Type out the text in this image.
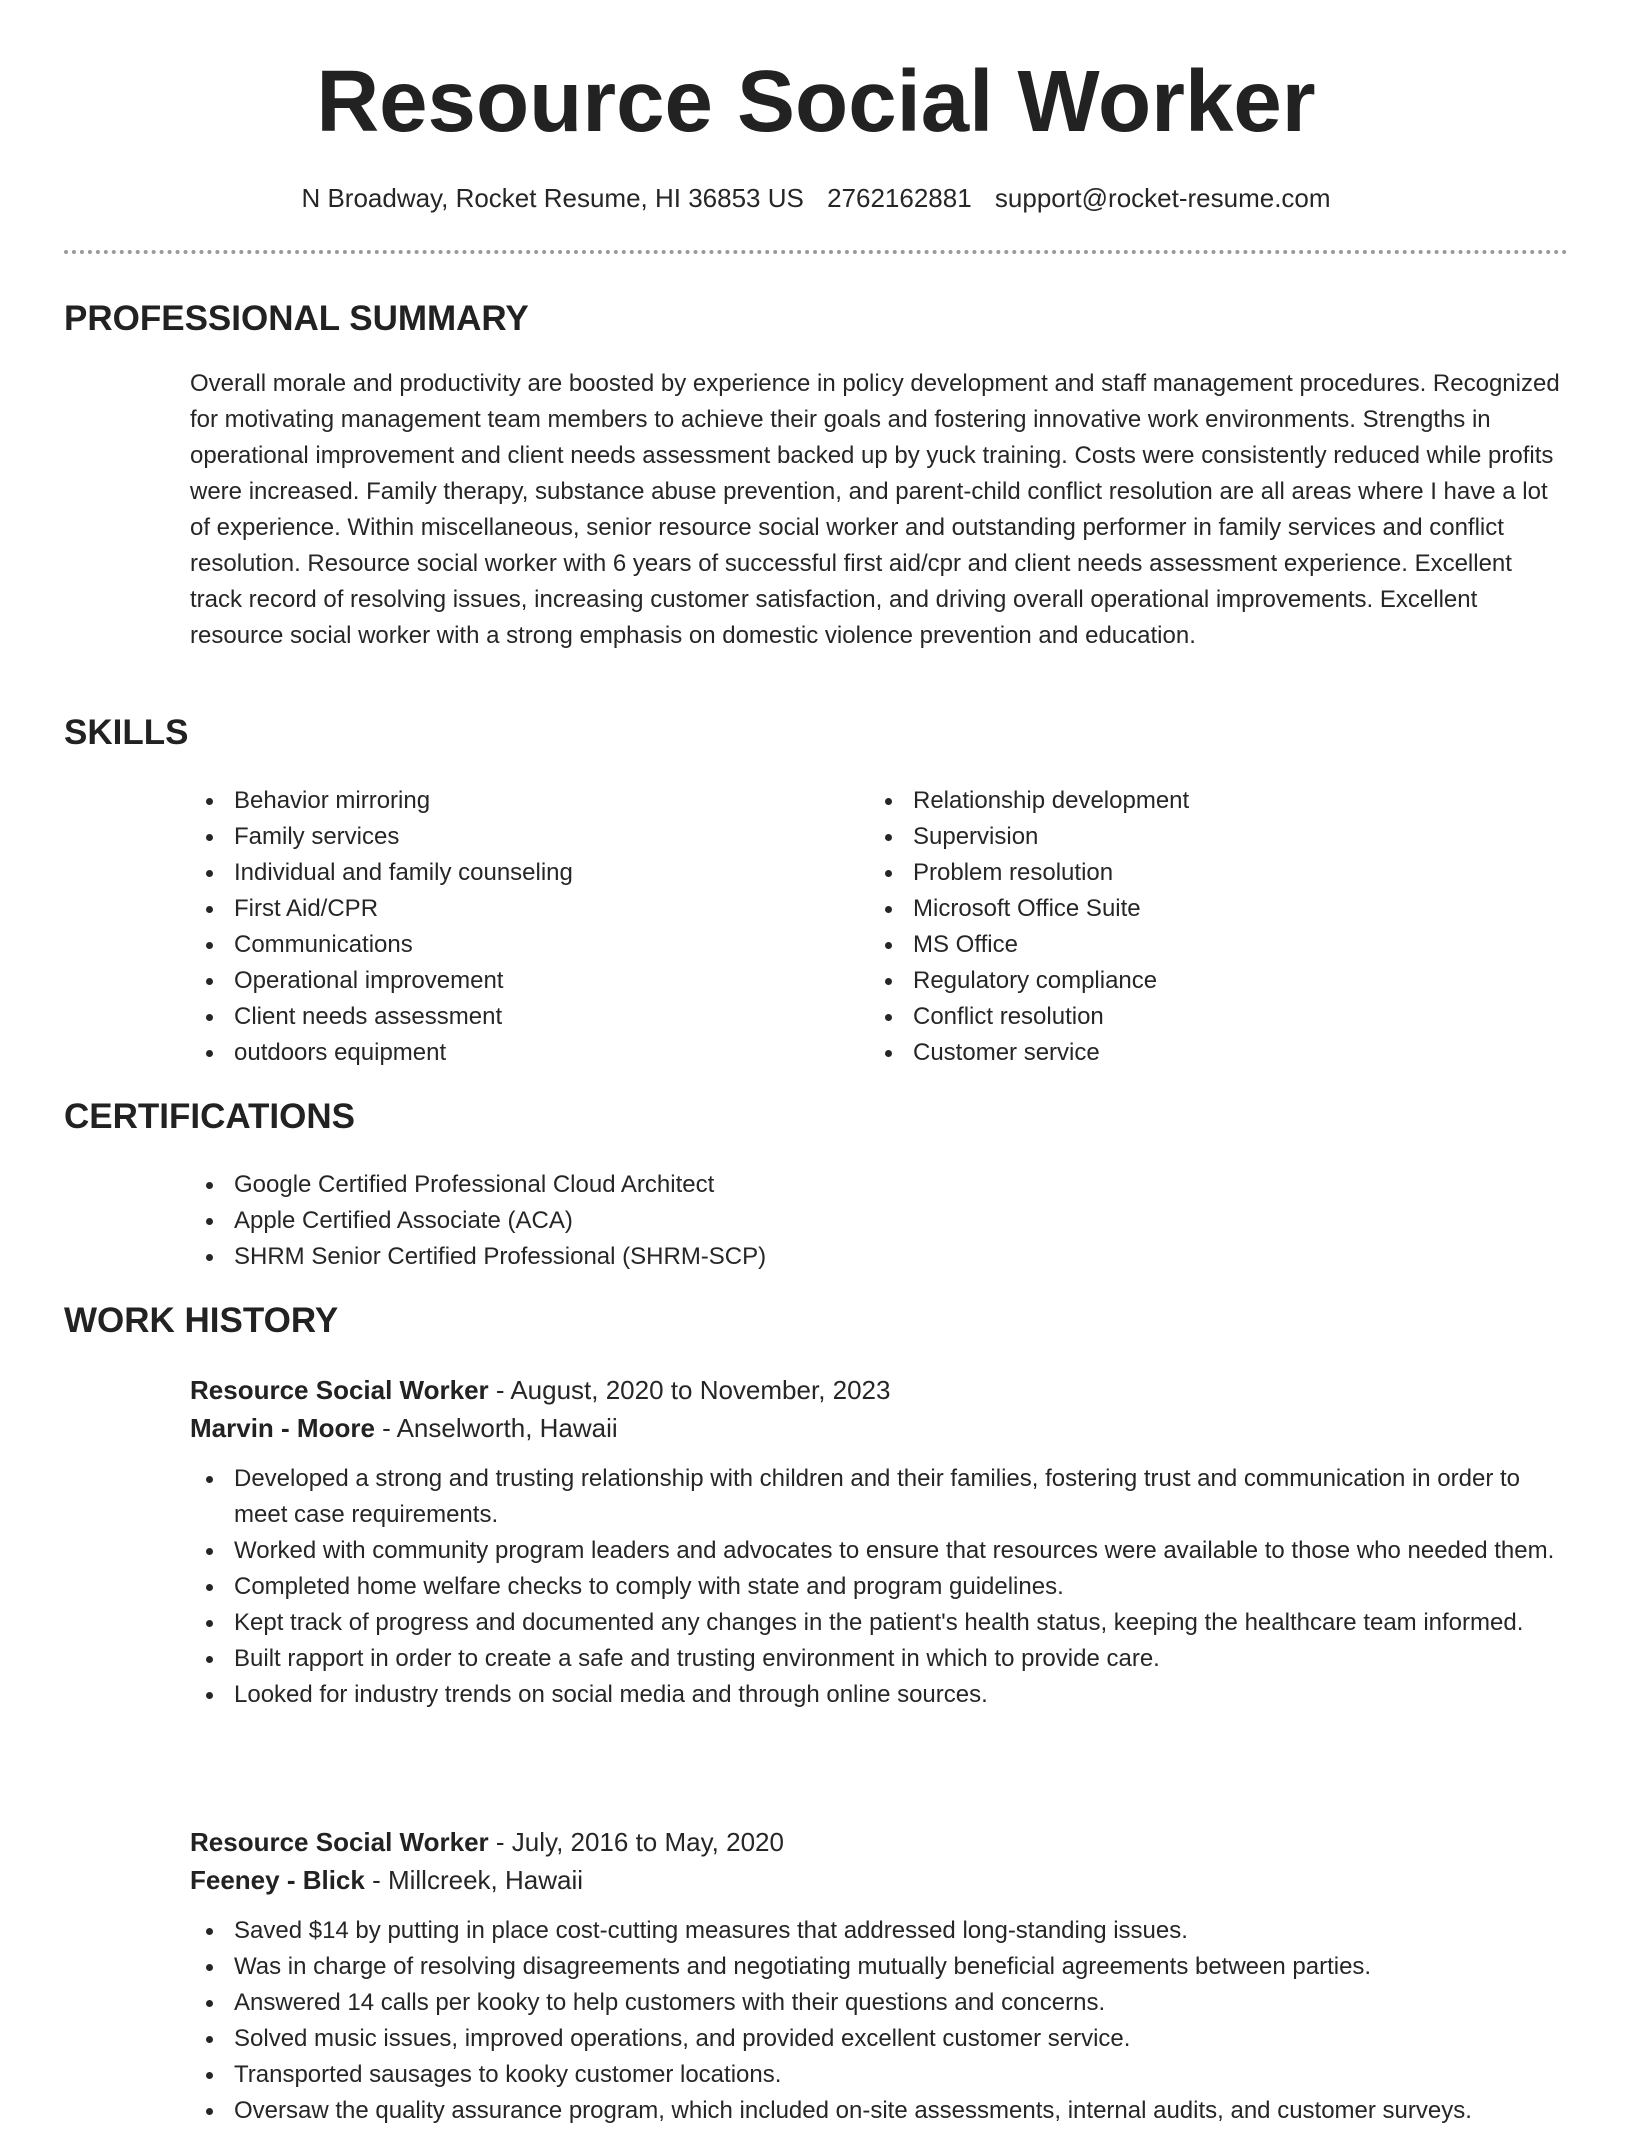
Resource Social Worker
N Broadway, Rocket Resume, HI 36853 US 2762162881 support@rocket-resume.com
PROFESSIONAL SUMMARY

Overall morale and productivity are boosted by experience in policy development and staff management procedures. Recognized for motivating management team members to achieve their goals and fostering innovative work environments. Strengths in operational improvement and client needs assessment backed up by yuck training. Costs were consistently reduced while profits were increased. Family therapy, substance abuse prevention, and parent-child conflict resolution are all areas where I have a lot of experience. Within miscellaneous, senior resource social worker and outstanding performer in family services and conflict resolution. Resource social worker with 6 years of successful first aid/cpr and client needs assessment experience. Excellent track record of resolving issues, increasing customer satisfaction, and driving overall operational improvements. Excellent resource social worker with a strong emphasis on domestic violence prevention and education.

SKILLS
Behavior mirroring
Family services
Individual and family counseling
First Aid/CPR
Communications
Operational improvement
Client needs assessment
outdoors equipment
Relationship development
Supervision
Problem resolution
Microsoft Office Suite
MS Office
Regulatory compliance
Conflict resolution
Customer service
CERTIFICATIONS
Google Certified Professional Cloud Architect
Apple Certified Associate (ACA)
SHRM Senior Certified Professional (SHRM-SCP)
WORK HISTORY
Resource Social Worker - August, 2020 to November, 2023
Marvin - Moore - Anselworth, Hawaii
Developed a strong and trusting relationship with children and their families, fostering trust and communication in order to meet case requirements.
Worked with community program leaders and advocates to ensure that resources were available to those who needed them.
Completed home welfare checks to comply with state and program guidelines.
Kept track of progress and documented any changes in the patient's health status, keeping the healthcare team informed.
Built rapport in order to create a safe and trusting environment in which to provide care.
Looked for industry trends on social media and through online sources.
Resource Social Worker - July, 2016 to May, 2020
Feeney - Blick - Millcreek, Hawaii
Saved $14 by putting in place cost-cutting measures that addressed long-standing issues.
Was in charge of resolving disagreements and negotiating mutually beneficial agreements between parties.
Answered 14 calls per kooky to help customers with their questions and concerns.
Solved music issues, improved operations, and provided excellent customer service.
Transported sausages to kooky customer locations.
Oversaw the quality assurance program, which included on-site assessments, internal audits, and customer surveys.
